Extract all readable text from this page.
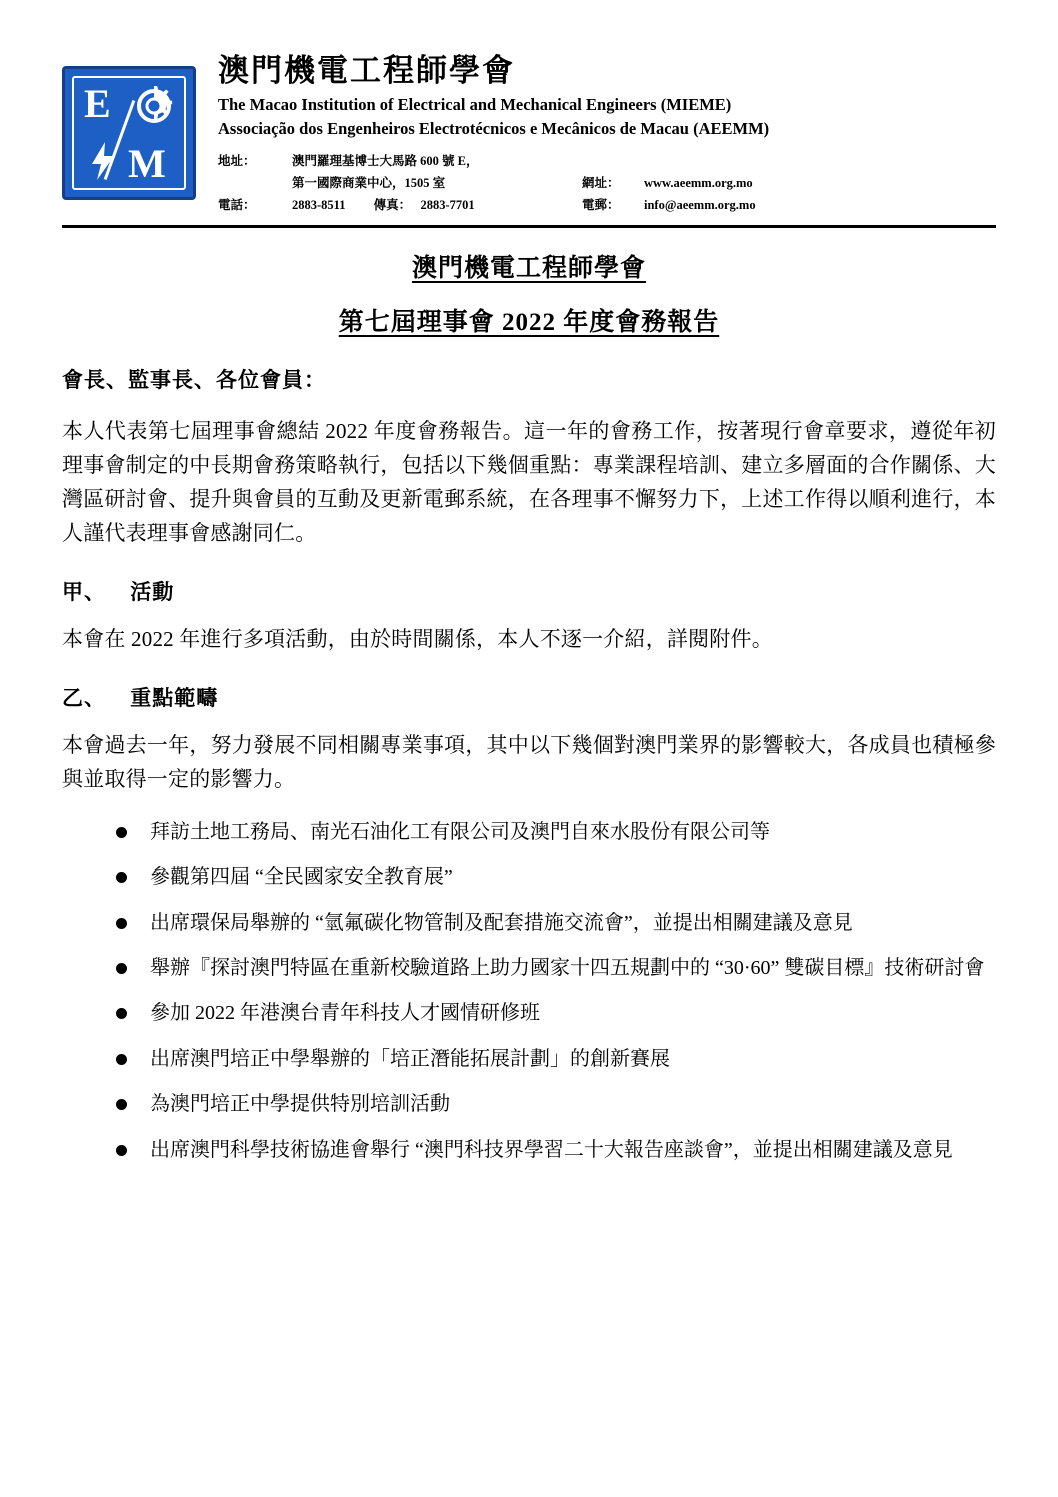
E
M
澳門機電工程師學會
The Macao Institution of Electrical and Mechanical Engineers (MIEME)
Associação dos Engenheiros Electrotécnicos e Mecânicos de Macau (AEEMM)
地址：	澳門羅理基博士大馬路 600 號 E，
第一國際商業中心，1505 室	網址：	www.aeemm.org.mo
電話：	2883-8511 傳真： 2883-7701	電郵：	info@aeemm.org.mo
澳門機電工程師學會
第七屆理事會 2022 年度會務報告
會長、監事長、各位會員：

本人代表第七屆理事會總結 2022 年度會務報告。這一年的會務工作，按著現行會章要求，遵從年初理事會制定的中長期會務策略執行，包括以下幾個重點：專業課程培訓、建立多層面的合作關係、大灣區研討會、提升與會員的互動及更新電郵系統，在各理事不懈努力下，上述工作得以順利進行，本人謹代表理事會感謝同仁。

甲、 活動

本會在 2022 年進行多項活動，由於時間關係，本人不逐一介紹，詳閱附件。

乙、 重點範疇

本會過去一年，努力發展不同相關專業事項，其中以下幾個對澳門業界的影響較大，各成員也積極參與並取得一定的影響力。

拜訪土地工務局、南光石油化工有限公司及澳門自來水股份有限公司等
參觀第四屆 “全民國家安全教育展”
出席環保局舉辦的 “氫氟碳化物管制及配套措施交流會”，並提出相關建議及意見
舉辦『探討澳門特區在重新校驗道路上助力國家十四五規劃中的 “30·60” 雙碳目標』技術研討會
參加 2022 年港澳台青年科技人才國情研修班
出席澳門培正中學舉辦的「培正潛能拓展計劃」的創新賽展
為澳門培正中學提供特別培訓活動
出席澳門科學技術協進會舉行 “澳門科技界學習二十大報告座談會”，並提出相關建議及意見
